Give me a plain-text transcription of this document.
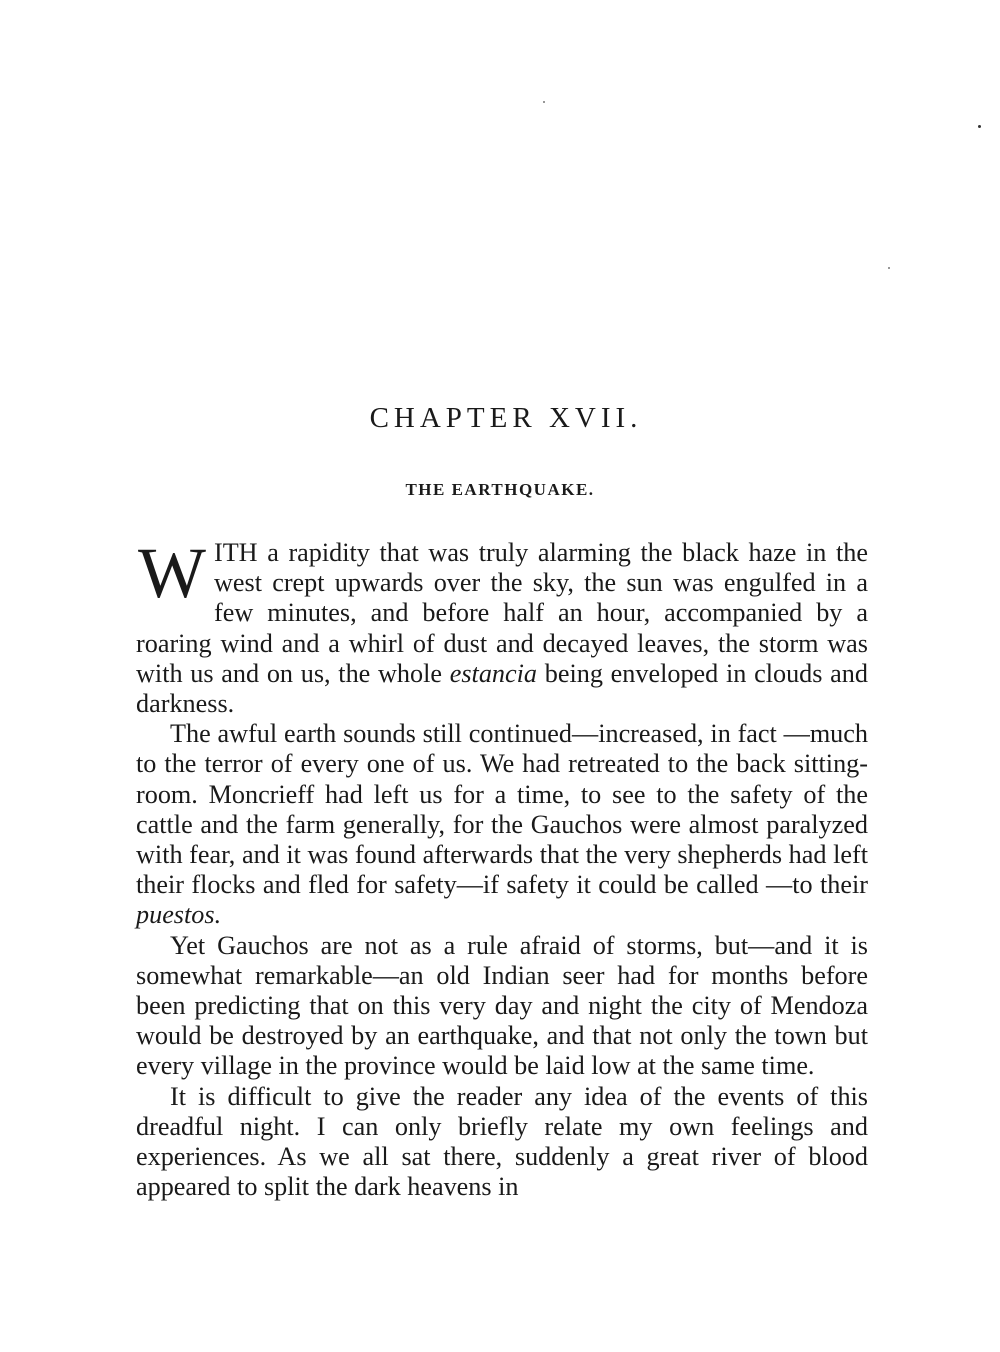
CHAPTER XVII.
THE EARTHQUAKE.

WITH a rapidity that was truly alarming the black haze in the west crept upwards over the sky, the sun was engulfed in a few minutes, and before half an hour, accompanied by a roaring wind and a whirl of dust and decayed leaves, the storm was with us and on us, the whole estancia being enveloped in clouds and darkness.

The awful earth sounds still continued—increased, in fact —much to the terror of every one of us. We had retreated to the back sitting-room. Moncrieff had left us for a time, to see to the safety of the cattle and the farm generally, for the Gauchos were almost paralyzed with fear, and it was found afterwards that the very shepherds had left their flocks and fled for safety—if safety it could be called —to their puestos.

Yet Gauchos are not as a rule afraid of storms, but—and it is somewhat remarkable—an old Indian seer had for months before been predicting that on this very day and night the city of Mendoza would be destroyed by an earthquake, and that not only the town but every village in the province would be laid low at the same time.

It is difficult to give the reader any idea of the events of this dreadful night. I can only briefly relate my own feelings and experiences. As we all sat there, suddenly a great river of blood appeared to split the dark heavens in
